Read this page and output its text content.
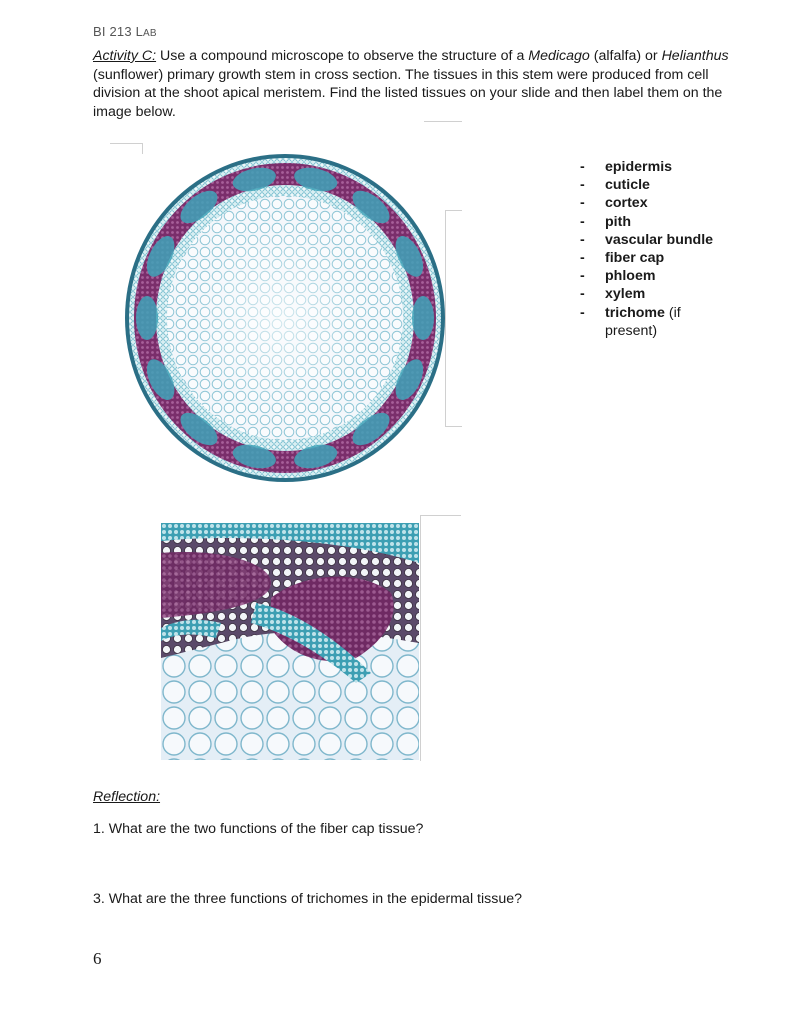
BI 213 LAB
Activity C: Use a compound microscope to observe the structure of a Medicago (alfalfa) or Helianthus (sunflower) primary growth stem in cross section. The tissues in this stem were produced from cell division at the shoot apical meristem. Find the listed tissues on your slide and then label them on the image below.
-	epidermis
-	cuticle
-	cortex
-	pith
-	vascular bundle
-	fiber cap
-	phloem
-	xylem
-	trichome (if present)
Reflection:
1. What are the two functions of the fiber cap tissue?
3. What are the three functions of trichomes in the epidermal tissue?
6
